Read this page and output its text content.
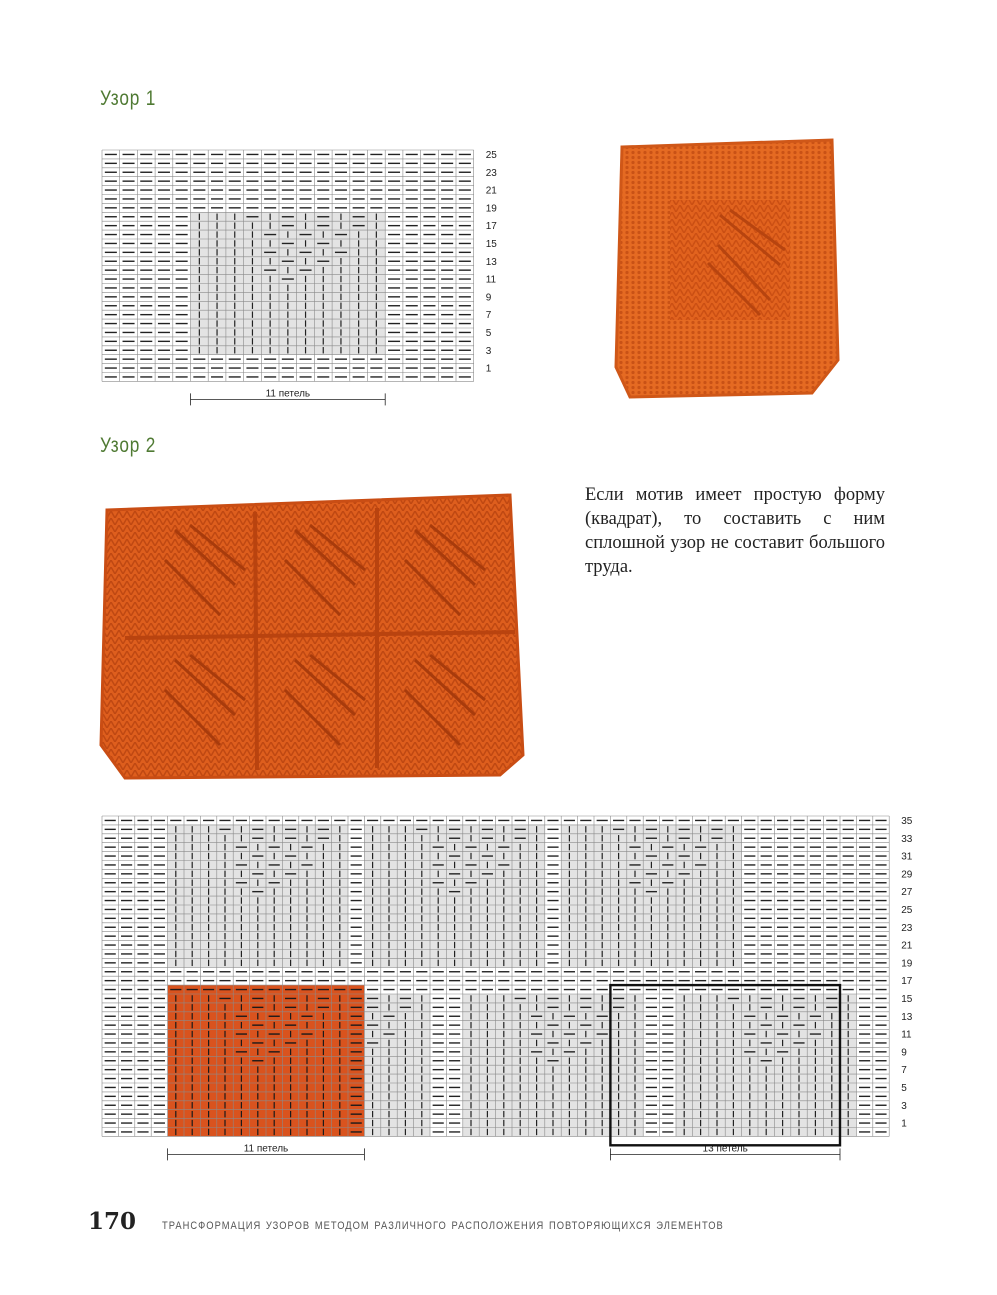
Узор 1
25
23
21
19
17
15
13
11
9
7
5
3
1
11 петель
Узор 2
Если мотив имеет простую форму (квадрат), то составить с ним сплошной узор не составит большого труда.
35
33
31
29
27
25
23
21
19
17
15
13
11
9
7
5
3
1
11 петель	13 петель
170 трансформация узоров методом различного расположения повторяющихся элементов
